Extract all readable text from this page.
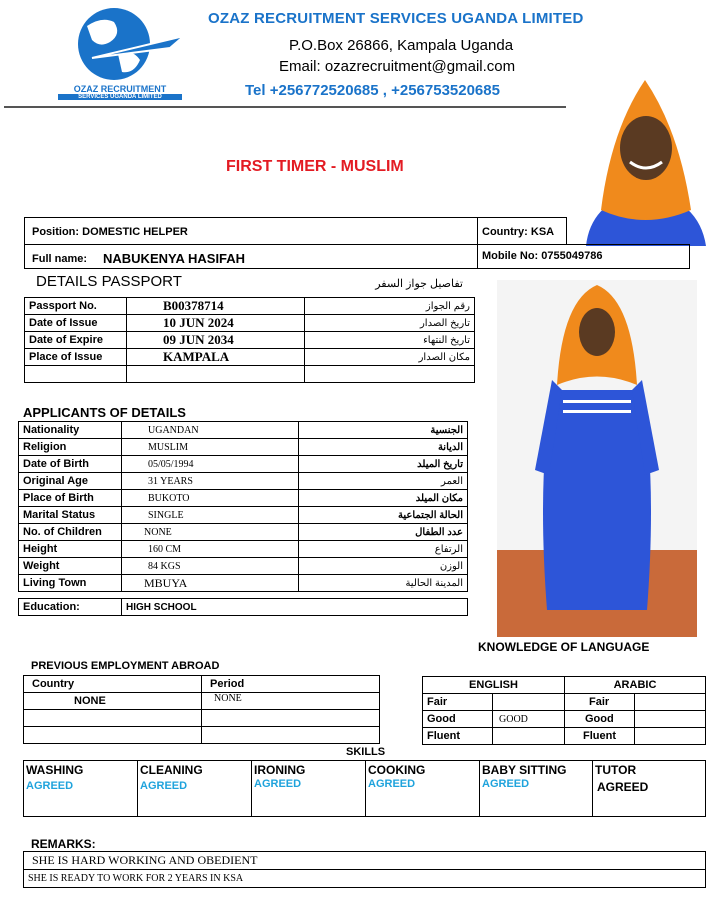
OZAZ RECRUITMENT
SERVICES UGANDA LIMITED
OZAZ RECRUITMENT SERVICES UGANDA LIMITED
P.O.Box 26866, Kampala Uganda
Email: ozazrecruitment@gmail.com
Tel +256772520685 , +256753520685
FIRST TIMER - MUSLIM
Position: DOMESTIC HELPER	Country: KSA
Full name: NABUKENYA HASIFAH	Mobile No: 0755049786
DETAILS PASSPORT	تفاصيل جواز السفر
Passport No.	B00378714	رقم الجواز
Date of Issue	10 JUN 2024	تاريخ الصدار
Date of Expire	09 JUN 2034	تاريخ النتهاء
Place of Issue	KAMPALA	مكان الصدار

APPLICANTS OF DETAILS
Nationality	UGANDAN	الجنسية
Religion	MUSLIM	الديانة
Date of Birth	05/05/1994	تاريخ الميلد
Original Age	31 YEARS	العمر
Place of Birth	BUKOTO	مكان الميلد
Marital Status	SINGLE	الحالة الجتماعية
No. of Children	NONE	عدد الطفال
Height	160 CM	الرتفاع
Weight	84 KGS	الوزن
Living Town	MBUYA	المدينة الحالية
Education:	HIGH SCHOOL
KNOWLEDGE OF LANGUAGE
PREVIOUS EMPLOYMENT ABROAD
Country	Period
NONE	NONE

ENGLISH		ARABIC	
Fair		Fair	
Good	GOOD	Good	
Fluent		Fluent	
SKILLS
WASHING
AGREED

CLEANING
AGREED

IRONING
AGREED

COOKING
AGREED

BABY SITTING
AGREED

TUTOR
AGREED
REMARKS:
SHE IS HARD WORKING AND OBEDIENT
SHE IS READY TO WORK FOR 2 YEARS IN KSA
